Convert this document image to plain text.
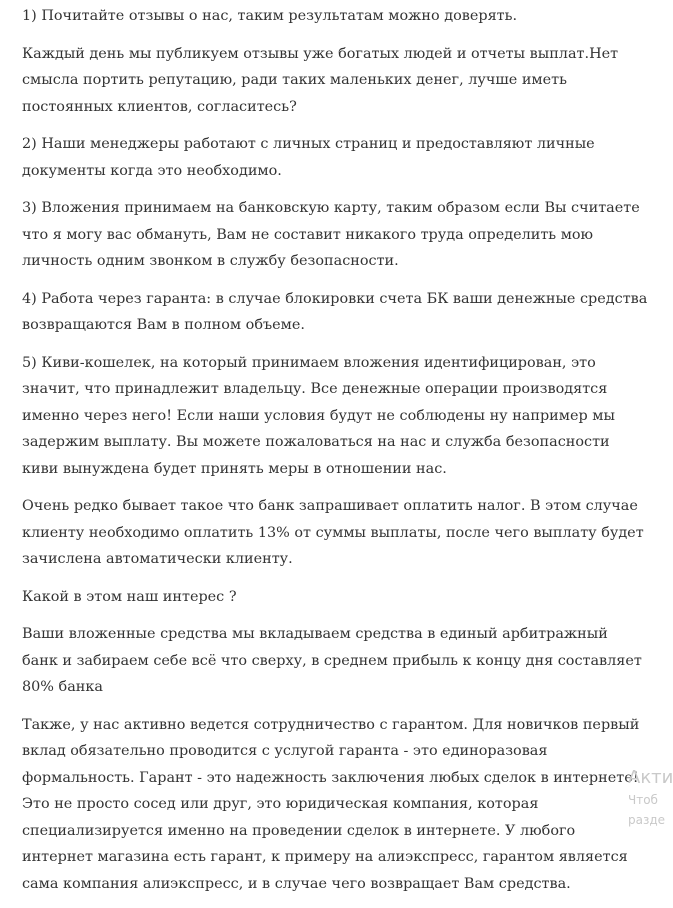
1) Почитайте отзывы о нас, таким результатам можно доверять.

Каждый день мы публикуем отзывы уже богатых людей и отчеты выплат.Нет
смысла портить репутацию, ради таких маленьких денег, лучше иметь
постоянных клиентов, согласитесь?

2) Наши менеджеры работают с личных страниц и предоставляют личные
документы когда это необходимо.

3) Вложения принимаем на банковскую карту, таким образом если Вы считаете
что я могу вас обмануть, Вам не составит никакого труда определить мою
личность одним звонком в службу безопасности.

4) Работа через гаранта: в случае блокировки счета БК ваши денежные средства
возвращаются Вам в полном объеме.

5) Киви-кошелек, на который принимаем вложения идентифицирован, это
значит, что принадлежит владельцу. Все денежные операции производятся
именно через него! Если наши условия будут не соблюдены ну например мы
задержим выплату. Вы можете пожаловаться на нас и служба безопасности
киви вынуждена будет принять меры в отношении нас.

Очень редко бывает такое что банк запрашивает оплатить налог. В этом случае
клиенту необходимо оплатить 13% от суммы выплаты, после чего выплату будет
зачислена автоматически клиенту.

Какой в этом наш интерес ?

Ваши вложенные средства мы вкладываем средства в единый арбитражный
банк и забираем себе всё что сверху, в среднем прибыль к концу дня составляет
80% банка

Также, у нас активно ведется сотрудничество с гарантом. Для новичков первый
вклад обязательно проводится с услугой гаранта - это единоразовая
формальность. Гарант - это надежность заключения любых сделок в интернете!
Это не просто сосед или друг, это юридическая компания, которая
специализируется именно на проведении сделок в интернете. У любого
интернет магазина есть гарант, к примеру на алиэкспресс, гарантом является
сама компания алиэкспресс, и в случае чего возвращает Вам средства.

Акти
Чтоб
разде
